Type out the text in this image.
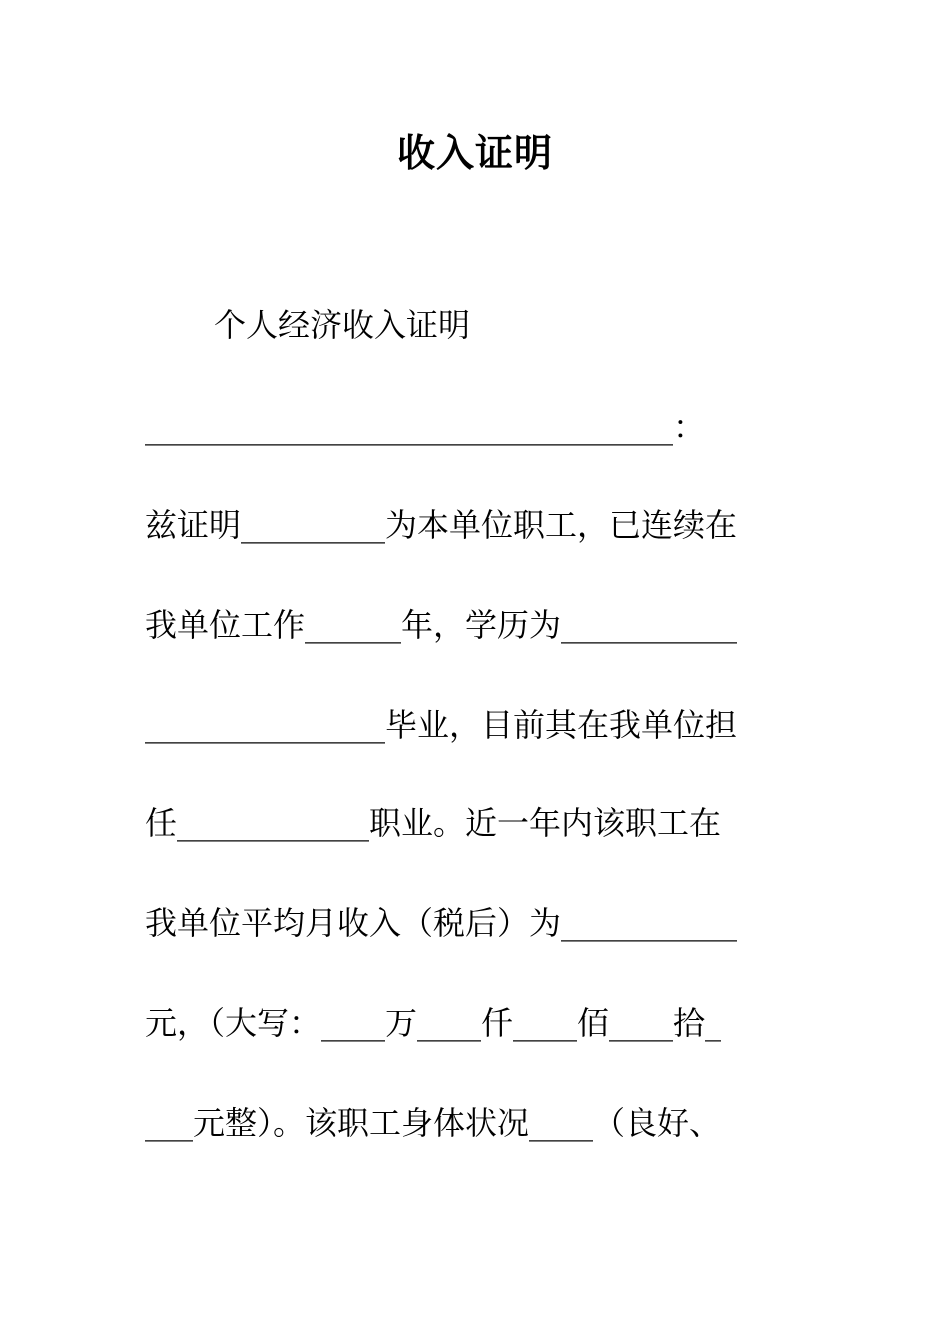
收入证明
个人经济收入证明
_________________________________：
兹证明_________为本单位职工，已连续在
我单位工作______年，学历为___________
_______________毕业，目前其在我单位担
任____________职业。近一年内该职工在
我单位平均月收入（税后）为___________
元，（大写：____万____仟____佰____拾_
___元整）。该职工身体状况____（良好、
